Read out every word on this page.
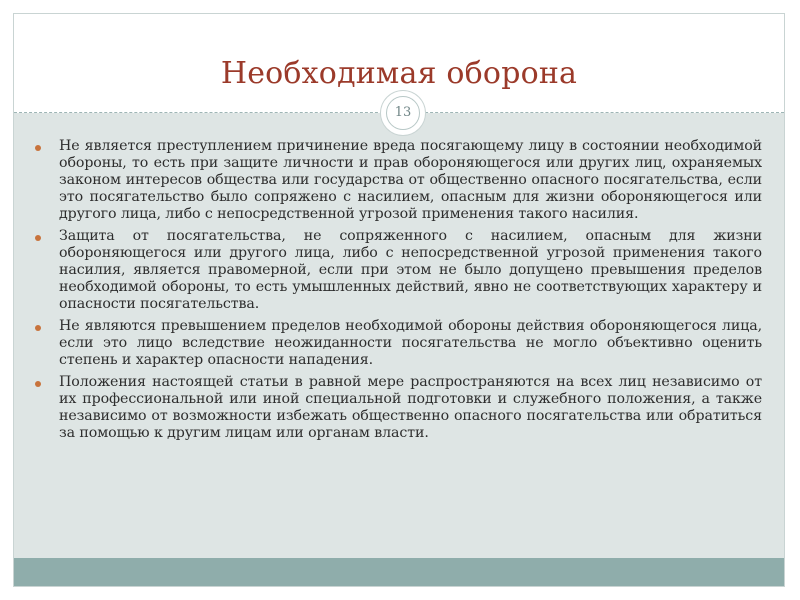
Необходимая оборона
13
Не является преступлением причинение вреда посягающему лицу в состоянии необходимой обороны, то есть при защите личности и прав обороняющегося или других лиц, охраняемых законом интересов общества или государства от общественно опасного посягательства, если это посягательство было сопряжено с насилием, опасным для жизни обороняющегося или другого лица, либо с непосредственной угрозой применения такого насилия.
Защита от посягательства, не сопряженного с насилием, опасным для жизни обороняющегося или другого лица, либо с непосредственной угрозой применения такого насилия, является правомерной, если при этом не было допущено превышения пределов необходимой обороны, то есть умышленных действий, явно не соответствующих характеру и опасности посягательства.
Не являются превышением пределов необходимой обороны действия обороняющегося лица, если это лицо вследствие неожиданности посягательства не могло объективно оценить степень и характер опасности нападения.
Положения настоящей статьи в равной мере распространяются на всех лиц независимо от их профессиональной или иной специальной подготовки и служебного положения, а также независимо от возможности избежать общественно опасного посягательства или обратиться за помощью к другим лицам или органам власти.
